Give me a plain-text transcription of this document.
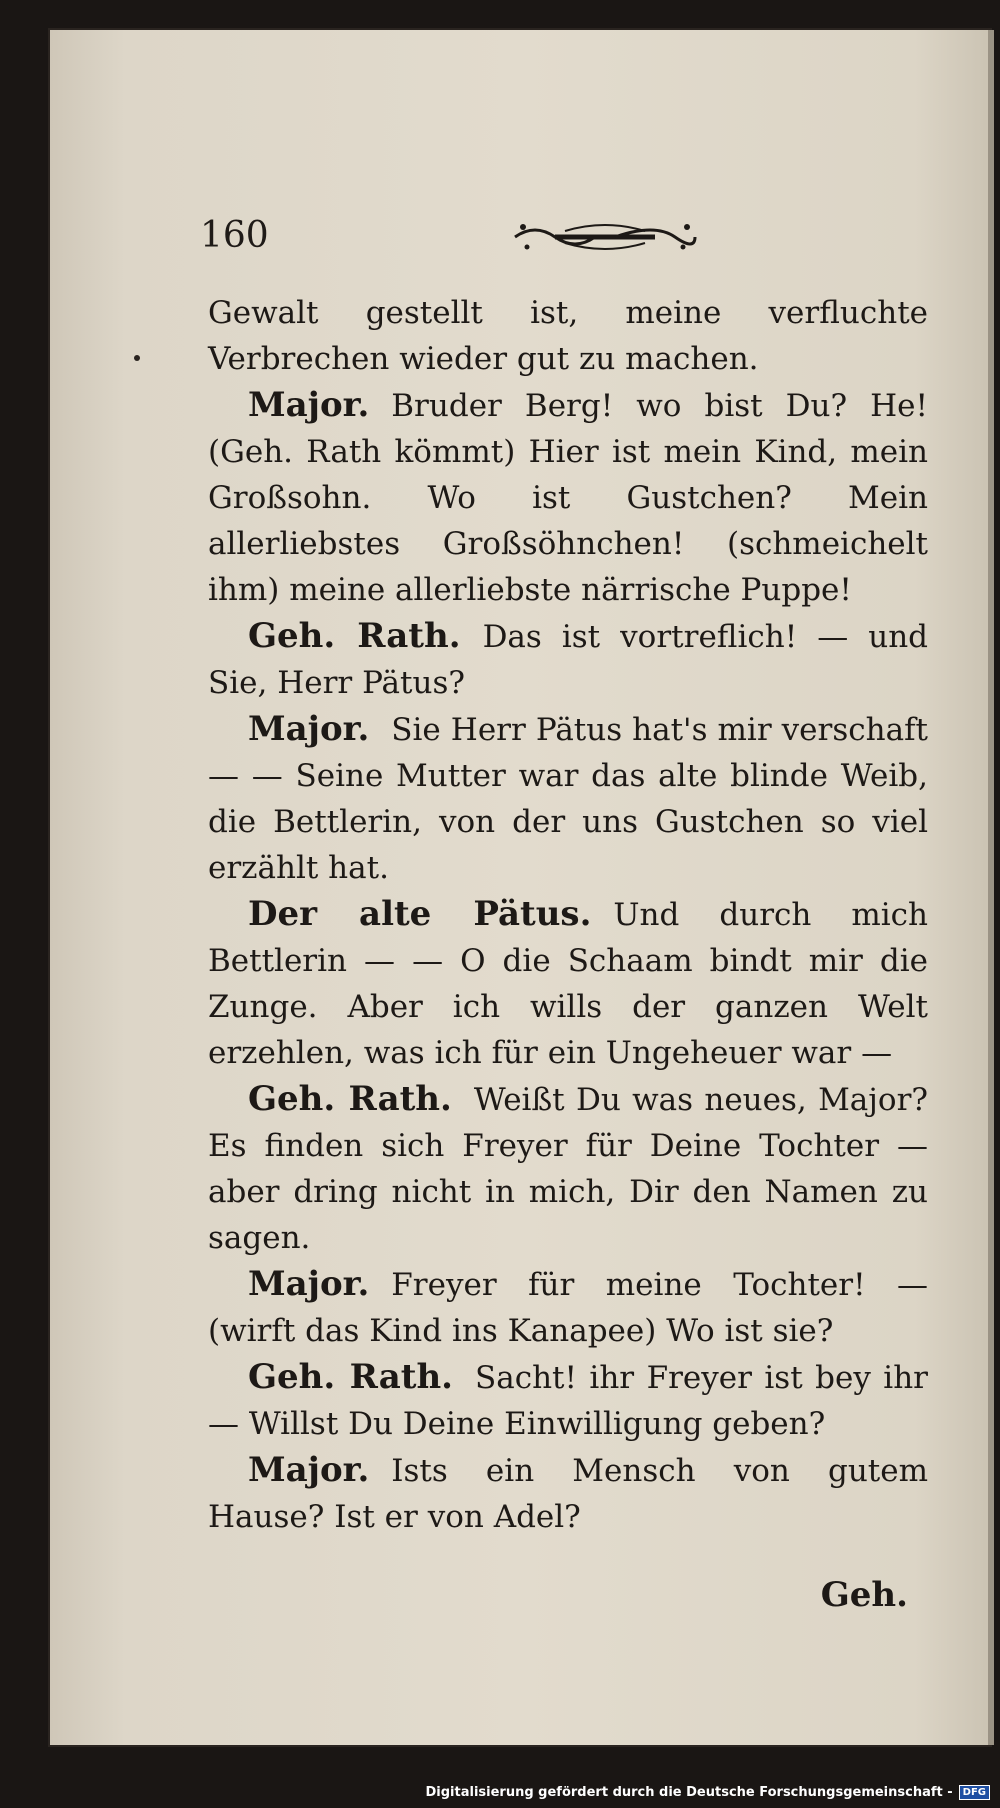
160

Gewalt gestellt ist, meine verfluchte Verbrechen wieder gut zu machen.

Major. Bruder Berg! wo bist Du? He! (Geh. Rath kömmt) Hier ist mein Kind, mein Großsohn. Wo ist Gustchen? Mein allerliebstes Großsöhnchen! (schmeichelt ihm) meine allerliebste närrische Puppe!

Geh. Rath. Das ist vortreflich! — und Sie, Herr Pätus?

Major. Sie Herr Pätus hat's mir verschaft — — Seine Mutter war das alte blinde Weib, die Bettlerin, von der uns Gustchen so viel erzählt hat.

Der alte Pätus. Und durch mich Bettlerin — — O die Schaam bindt mir die Zunge. Aber ich wills der ganzen Welt erzehlen, was ich für ein Ungeheuer war —

Geh. Rath. Weißt Du was neues, Major? Es finden sich Freyer für Deine Tochter — aber dring nicht in mich, Dir den Namen zu sagen.

Major. Freyer für meine Tochter! — (wirft das Kind ins Kanapee) Wo ist sie?

Geh. Rath. Sacht! ihr Freyer ist bey ihr — Willst Du Deine Einwilligung geben?

Major. Ists ein Mensch von gutem Hause? Ist er von Adel?

Geh.
Digitalisierung gefördert durch die Deutsche Forschungsgemeinschaft -	DFG
